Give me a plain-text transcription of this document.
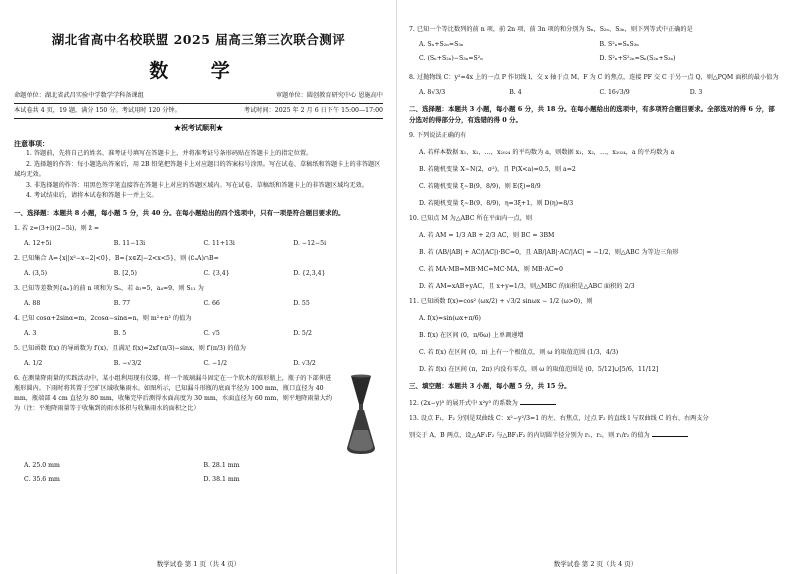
湖北省高中名校联盟 2025 届高三第三次联合测评
数 学
命题单位：湖北省武昌实验中学数学学科备课组	审题单位：圆创教育研究中心 恩施高中
本试卷共 4 页，19 题，满分 150 分。考试用时 120 分钟。	考试时间：2025 年 2 月 6 日下午 15:00—17:00
★祝考试顺利★
注意事项：
1. 答题前，先将自己的姓名、准考证号填写在答题卡上，并将准考证号条形码贴在答题卡上的指定位置。
2. 选择题的作答：每小题选出答案后，用 2B 铅笔把答题卡上对应题目的答案标号涂黑。写在试卷、草稿纸和答题卡上的非答题区域均无效。
3. 非选择题的作答：用黑色签字笔直接答在答题卡上对应的答题区域内。写在试卷、草稿纸和答题卡上的非答题区域均无效。
4. 考试结束后，请将本试卷和答题卡一并上交。
一、选择题：本题共 8 小题，每小题 5 分，共 40 分。在每小题给出的四个选项中，只有一项是符合题目要求的。
1. 若 z=(3+i)(2−5i)，则 z̄ =
A. 12+5i	B. 11−13i	C. 11+13i	D. −12−5i
2. 已知集合 A={x||x²−x−2|<0}，B={x∈Z|−2<x<5}，则 (∁ₐA)∩B=
A. (3,5)	B. [2,5)	C. {3,4}	D. {2,3,4}
3. 已知等差数列{aₙ}的前 n 项和为 Sₙ，若 a₁=5，a₄=9，则 S₁₁ 为
A. 88	B. 77	C. 66	D. 55
4. 已知 cosα+2sinα=m，2cosα−sinα=n，则 m²+n² 的值为
A. 3	B. 5	C. √5	D. 5/2
5. 已知函数 f(x) 的导函数为 f′(x)，且满足 f(x)=2xf′(π/3)−sinx，则 f′(π/3) 的值为
A. 1/2	B. −√3/2	C. −1/2	D. √3/2
6. 在测量降雨量的实践活动中，某小组利用现有仪器，将一个玻璃漏斗固定在一个软木的锥形瓶上，瓶子的下部伸进瓶形圆内。下雨时将其置于空旷区域收集雨水。如图所示，已知漏斗形瓶的底面半径为 100 mm，瓶口直径为 40 mm，瓶端部 4 cm 直径为 80 mm，收集完毕后测得水面高度为 30 mm，水面直径为 60 mm，则平地降雨量大约为（注：平地降雨量等于收集到的雨水体积与收集雨水的面积之比）
A. 25.0 mm	B. 28.1 mm
C. 35.6 mm	D. 38.1 mm
数学试卷 第 1 页（共 4 页）
7. 已知一个等比数列的前 n 项，前 2n 项，前 3n 项的和分别为 Sₙ，S₂ₙ，S₃ₙ，则下列等式中正确的是
A. Sₙ+S₂ₙ=S₃ₙ	B. S²ₙ=SₙS₃ₙ
C. (Sₙ+S₂ₙ)−S₃ₙ=S²ₙ	D. S²ₙ+S²₂ₙ=Sₙ(S₂ₙ+S₃ₙ)
8. 过抛物线 C：y²=4x 上的一点 P 作切线 l，交 x 轴于点 M，F 为 C 的焦点，连接 PF 交 C 于另一点 Q，则△PQM 面积的最小值为
A. 8√3/3	B. 4	C. 16√3/9	D. 3
二、选择题：本题共 3 小题，每小题 6 分，共 18 分。在每小题给出的选项中，有多项符合题目要求。全部选对的得 6 分，部分选对的得部分分，有选错的得 0 分。
9. 下列说法正确的有
A. 若样本数据 x₁，x₂，…，x₂₀₂₄ 的平均数为 a，则数据 x₁，x₂，…，x₂₀₂₄，a 的平均数为 a
B. 若随机变量 X∼N(2，σ²)，且 P(X<a)=0.5，则 a=2
C. 若随机变量 ξ∼B(9，8/9)，则 E(ξ)=8/9
D. 若随机变量 ξ∼B(9，8/9)，η=3ξ+1，则 D(η)=8/3
10. 已知点 M 为△ABC 所在平面内一点，则
A. 若 AM = 1/3 AB + 2/3 AC，则 BC = 3BM
B. 若 (AB/|AB| + AC/|AC|)·BC=0，且 AB/|AB|·AC/|AC| = −1/2，则△ABC 为等边三角形
C. 若 MA·MB=MB·MC=MC·MA，则 MB·AC=0
D. 若 AM=xAB+yAC，且 x+y=1/3，则△MBC 的面积是△ABC 面积的 2/3
11. 已知函数 f(x)=cos² (ωx/2) + √3/2 sinωx − 1/2 (ω>0)，则
A. f(x)=sin(ωx+π/6)
B. f(x) 在区间 (0，π/6ω) 上单调递增
C. 若 f(x) 在区间 (0，π) 上有一个极值点，则 ω 的取值范围 (1/3，4/3)
D. 若 f(x) 在区间 (π，2π) 内没有零点，则 ω 的取值范围是 (0，5/12]∪[5/6，11/12]
三、填空题：本题共 3 小题，每小题 5 分，共 15 分。
12. (2x−y)⁵ 的展开式中 x²y³ 的系数为
13. 设点 F₁，F₂ 分别是双曲线 C：x²−y²/3=1 的左、右焦点，过点 F₂ 的直线 l 与双曲线 C 的右、右两支分
别交于 A，B 两点，设△AF₁F₂ 与△BF₁F₂ 的内切圆半径分别为 r₁，r₂，则 r₁/r₂ 的值为
数学试卷 第 2 页（共 4 页）
